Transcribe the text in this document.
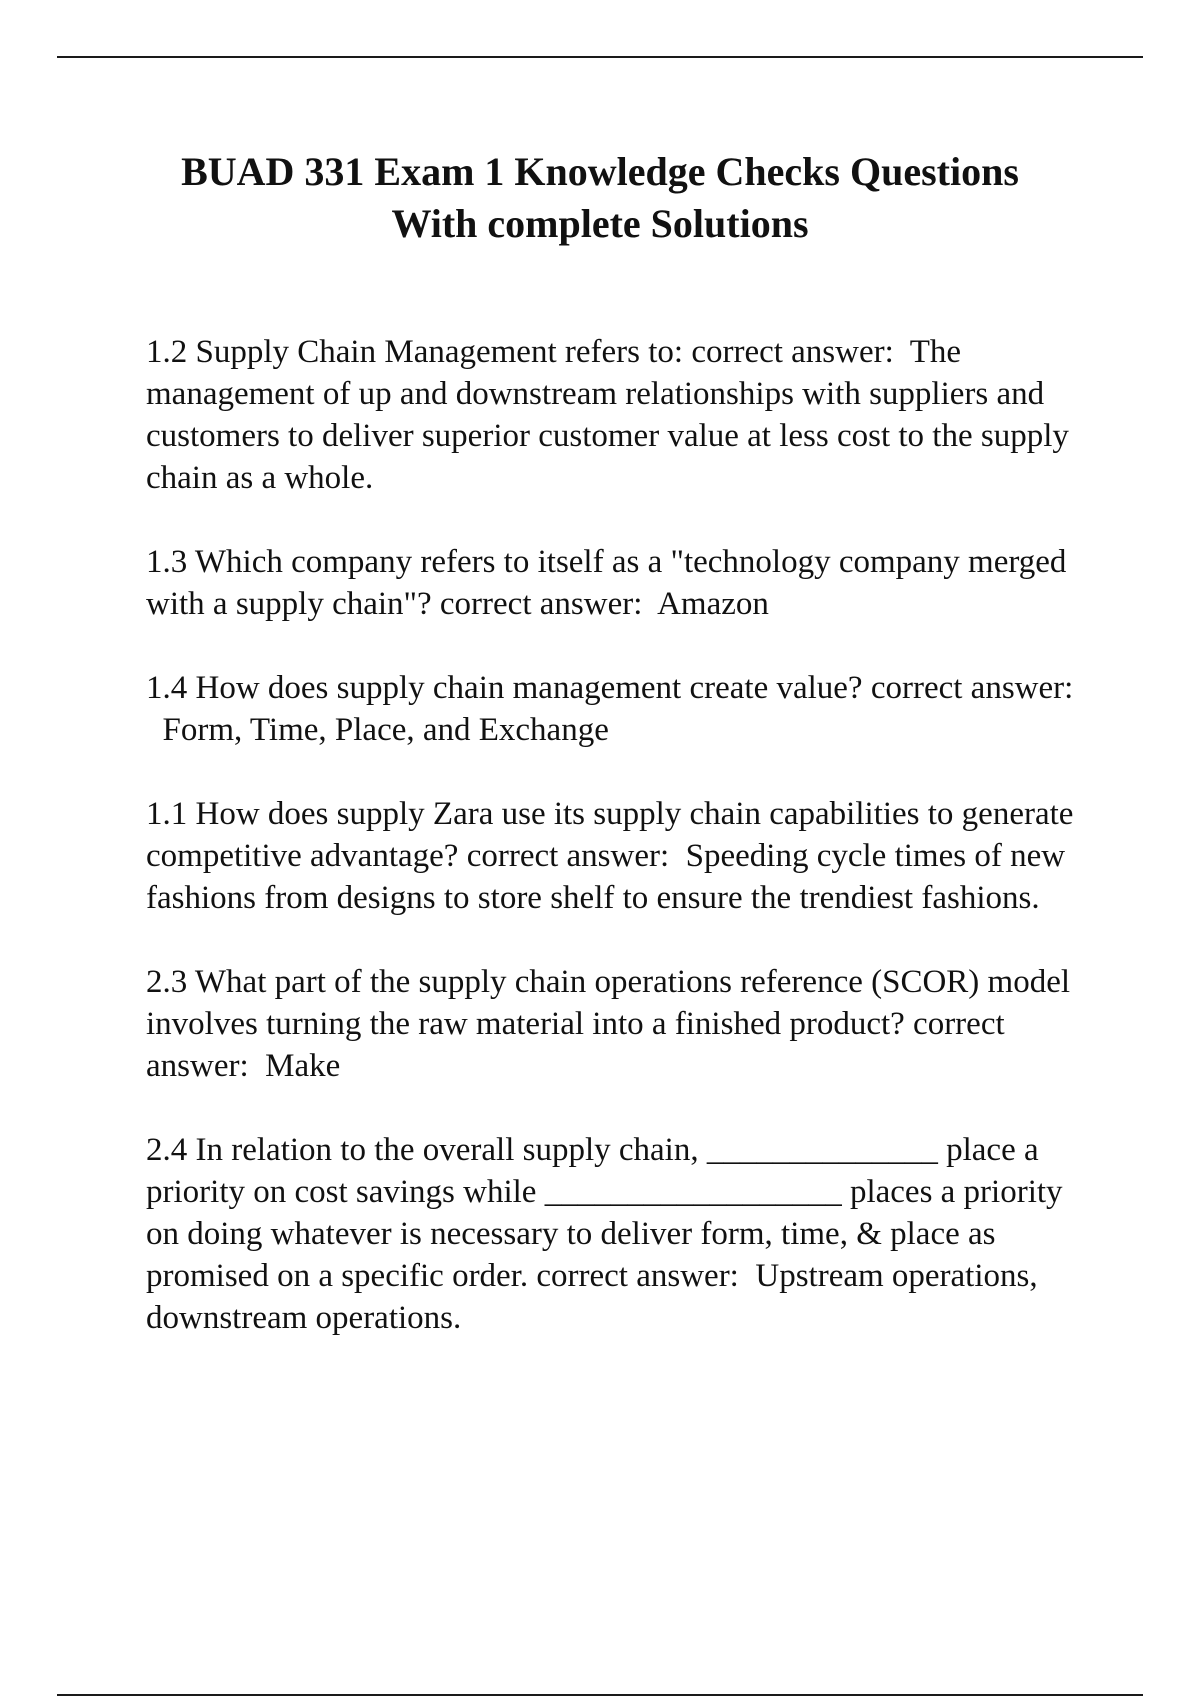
BUAD 331 Exam 1 Knowledge Checks Questions
With complete Solutions
1.2 Supply Chain Management refers to: correct answer: The management of up and downstream relationships with suppliers and customers to deliver superior customer value at less cost to the supply chain as a whole.
1.3 Which company refers to itself as a "technology company merged with a supply chain"? correct answer: Amazon
1.4 How does supply chain management create value? correct answer:  Form, Time, Place, and Exchange
1.1 How does supply Zara use its supply chain capabilities to generate competitive advantage? correct answer: Speeding cycle times of new fashions from designs to store shelf to ensure the trendiest fashions.
2.3 What part of the supply chain operations reference (SCOR) model involves turning the raw material into a finished product? correct answer: Make
2.4 In relation to the overall supply chain, ______________ place a priority on cost savings while __________________ places a priority on doing whatever is necessary to deliver form, time, & place as promised on a specific order. correct answer: Upstream operations, downstream operations.
